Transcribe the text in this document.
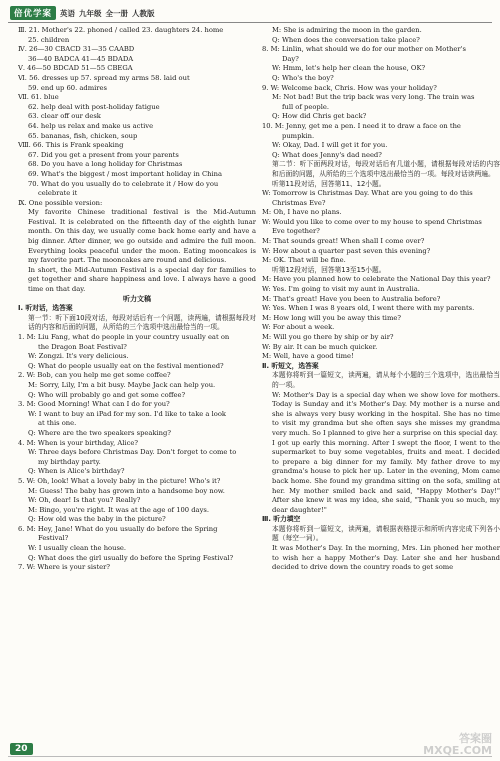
倍优学案	英语 九年级 全一册 人教版
Ⅲ. 21. Mother's 22. phoned / called 23. daughters 24. home
25. children
Ⅳ. 26—30 CBACD 31—35 CAABD
36—40 BADCA 41—45 BDADA
Ⅴ. 46—50 BDCAD 51—55 CBEGA
Ⅵ. 56. dresses up 57. spread my arms 58. laid out
59. end up 60. admires
Ⅶ. 61. blue
62. help deal with post-holiday fatigue
63. clear off our desk
64. help us relax and make us active
65. bananas, fish, chicken, soup
Ⅷ. 66. This is Frank speaking
67. Did you get a present from your parents
68. Do you have a long holiday for Christmas
69. What's the biggest / most important holiday in China
70. What do you usually do to celebrate it / How do you
celebrate it
Ⅸ. One possible version:
My favorite Chinese traditional festival is the Mid-Autumn Festival. It is celebrated on the fifteenth day of the eighth lunar month. On this day, we usually come back home early and have a big dinner. After dinner, we go outside and admire the full moon. Everything looks peaceful under the moon. Eating mooncakes is my favorite part. The mooncakes are round and delicious.
In short, the Mid-Autumn Festival is a special day for families to get together and share happiness and love. I always have a good time on that day.
听力文稿
Ⅰ. 听对话，选答案
第一节：听下面10段对话，每段对话后有一个问题，读两遍，请根据每段对话的内容和后面的问题，从所给的三个选项中选出最恰当的一项。
1. M: Liu Fang, what do people in your country usually eat on
the Dragon Boat Festival?
W: Zongzi. It's very delicious.
Q: What do people usually eat on the festival mentioned?
2. W: Bob, can you help me get some coffee?
M: Sorry, Lily, I'm a bit busy. Maybe Jack can help you.
Q: Who will probably go and get some coffee?
3. M: Good Morning! What can I do for you?
W: I want to buy an iPad for my son. I'd like to take a look
at this one.
Q: Where are the two speakers speaking?
4. M: When is your birthday, Alice?
W: Three days before Christmas Day. Don't forget to come to
my birthday party.
Q: When is Alice's birthday?
5. W: Oh, look! What a lovely baby in the picture! Who's it?
M: Guess! The baby has grown into a handsome boy now.
W: Oh, dear! Is that you? Really?
M: Bingo, you're right. It was at the age of 100 days.
Q: How old was the baby in the picture?
6. M: Hey, Jane! What do you usually do before the Spring
Festival?
W: I usually clean the house.
Q: What does the girl usually do before the Spring Festival?
7. W: Where is your sister?
M: She is admiring the moon in the garden.
Q: When does the conversation take place?
8. M: Linlin, what should we do for our mother on Mother's
Day?
W: Hmm, let's help her clean the house, OK?
Q: Who's the boy?
9. W: Welcome back, Chris. How was your holiday?
M: Not bad! But the trip back was very long. The train was
full of people.
Q: How did Chris get back?
10. M: Jenny, get me a pen. I need it to draw a face on the
pumpkin.
W: Okay, Dad. I will get it for you.
Q: What does Jenny's dad need?
第二节：听下面两段对话，每段对话后有几道小题，请根据每段对话的内容和后面的问题，从所给的三个选项中选出最恰当的一项。每段对话读两遍。
听第11段对话，回答第11、12小题。
W: Tomorrow is Christmas Day. What are you going to do this
Christmas Eve?
M: Oh, I have no plans.
W: Would you like to come over to my house to spend Christmas
Eve together?
M: That sounds great! When shall I come over?
W: How about a quarter past seven this evening?
M: OK. That will be fine.
听第12段对话，回答第13至15小题。
M: Have you planned how to celebrate the National Day this year?
W: Yes. I'm going to visit my aunt in Australia.
M: That's great! Have you been to Australia before?
W: Yes. When I was 8 years old, I went there with my parents.
M: How long will you be away this time?
W: For about a week.
M: Will you go there by ship or by air?
W: By air. It can be much quicker.
M: Well, have a good time!
Ⅱ. 听短文，选答案
本题你将听到一篇短文，读两遍，请从每个小题的三个选项中，选出最恰当的一项。
W: Mother's Day is a special day when we show love for mothers. Today is Sunday and it's Mother's Day. My mother is a nurse and she is always very busy working in the hospital. She has no time to visit my grandma but she often says she misses my grandma very much. So I planned to give her a surprise on this special day.
I got up early this morning. After I swept the floor, I went to the supermarket to buy some vegetables, fruits and meat. I decided to prepare a big dinner for my family. My father drove to my grandma's house to pick her up. Later in the evening, Mom came back home. She found my grandma sitting on the sofa, smiling at her. My mother smiled back and said, "Happy Mother's Day!" After she knew it was my idea, she said, "Thank you so much, my dear daughter!"
Ⅲ. 听力填空
本题你将听到一篇短文，读两遍，请根据表格提示和所听内容完成下列各小题（每空一词）。
It was Mother's Day. In the morning, Mrs. Lin phoned her mother to wish her a happy Mother's Day. Later she and her husband decided to drive down the country roads to get some
20
答案圈
MXQE.COM
